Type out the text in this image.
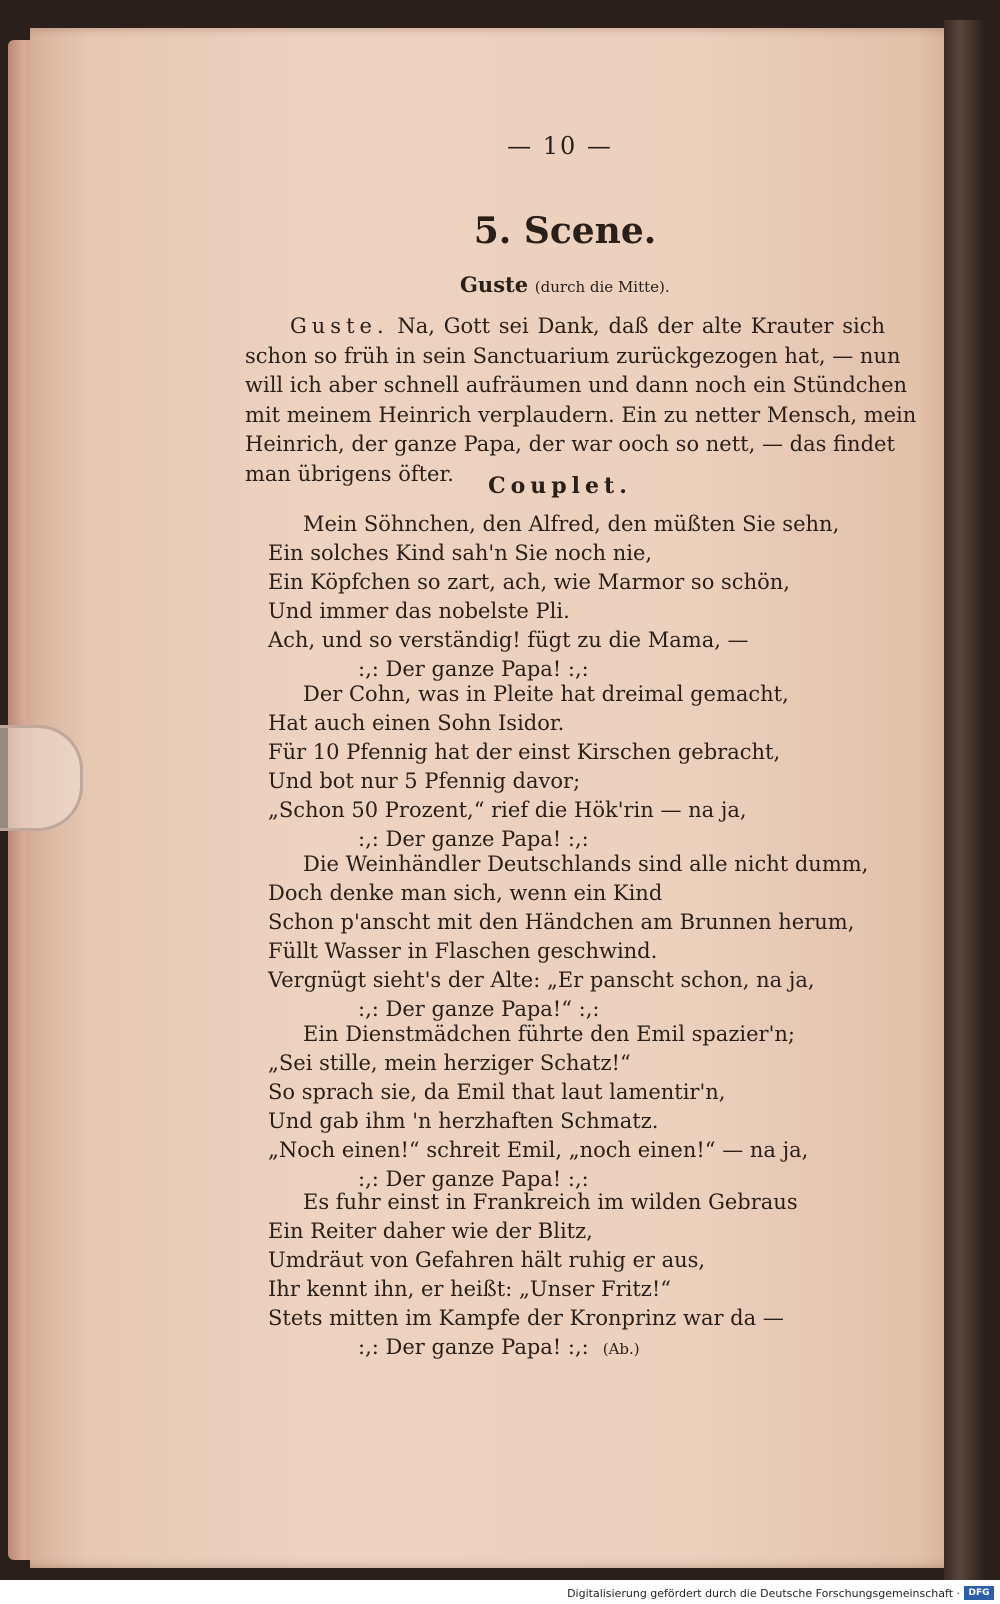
— 10 —
5. Scene.
Guste (durch die Mitte).
Guste. Na, Gott sei Dank, daß der alte Krauter sich
schon so früh in sein Sanctuarium zurückgezogen hat, — nun
will ich aber schnell aufräumen und dann noch ein Stündchen
mit meinem Heinrich verplaudern. Ein zu netter Mensch, mein
Heinrich, der ganze Papa, der war ooch so nett, — das findet
man übrigens öfter.	Couplet.
Mein Söhnchen, den Alfred, den müßten Sie sehn,
Ein solches Kind sah'n Sie noch nie,
Ein Köpfchen so zart, ach, wie Marmor so schön,
Und immer das nobelste Pli.
Ach, und so verständig! fügt zu die Mama, —
:,: Der ganze Papa! :,:
Der Cohn, was in Pleite hat dreimal gemacht,
Hat auch einen Sohn Isidor.
Für 10 Pfennig hat der einst Kirschen gebracht,
Und bot nur 5 Pfennig davor;
„Schon 50 Prozent,“ rief die Hök'rin — na ja,
:,: Der ganze Papa! :,:
Die Weinhändler Deutschlands sind alle nicht dumm,
Doch denke man sich, wenn ein Kind
Schon p'anscht mit den Händchen am Brunnen herum,
Füllt Wasser in Flaschen geschwind.
Vergnügt sieht's der Alte: „Er panscht schon, na ja,
:,: Der ganze Papa!“ :,:
Ein Dienstmädchen führte den Emil spazier'n;
„Sei stille, mein herziger Schatz!“
So sprach sie, da Emil that laut lamentir'n,
Und gab ihm 'n herzhaften Schmatz.
„Noch einen!“ schreit Emil, „noch einen!“ — na ja,
:,: Der ganze Papa! :,:
Es fuhr einst in Frankreich im wilden Gebraus
Ein Reiter daher wie der Blitz,
Umdräut von Gefahren hält ruhig er aus,
Ihr kennt ihn, er heißt: „Unser Fritz!“
Stets mitten im Kampfe der Kronprinz war da —
:,: Der ganze Papa! :,: (Ab.)
Digitalisierung gefördert durch die Deutsche Forschungsgemeinschaft · DFG
